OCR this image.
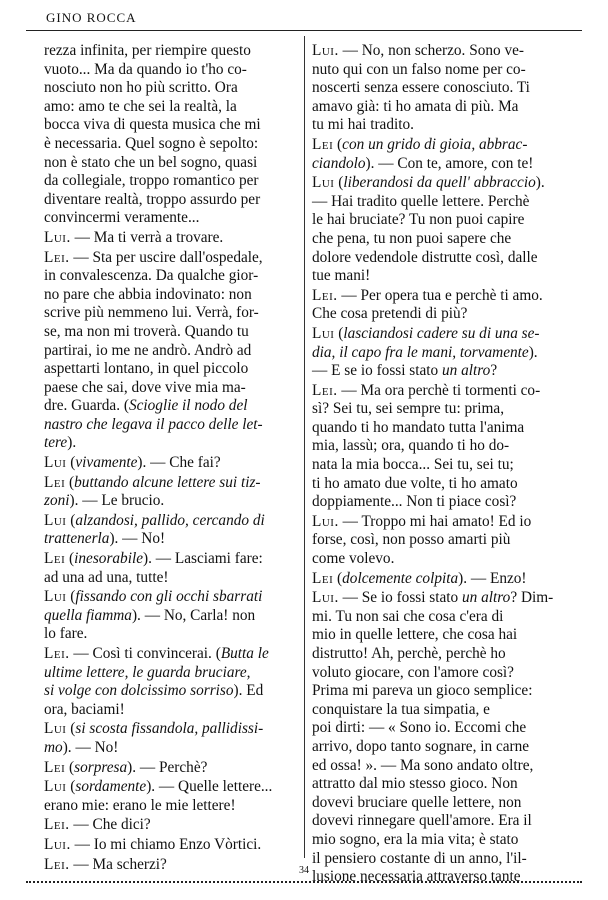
GINO ROCCA
rezza infinita, per riempire questo
vuoto... Ma da quando io t'ho co-
nosciuto non ho più scritto. Ora
amo: amo te che sei la realtà, la
bocca viva di questa musica che mi
è necessaria. Quel sogno è sepolto:
non è stato che un bel sogno, quasi
da collegiale, troppo romantico per
diventare realtà, troppo assurdo per
convincermi veramente...
Lui. — Ma ti verrà a trovare.
Lei. — Sta per uscire dall'ospedale,
in convalescenza. Da qualche gior-
no pare che abbia indovinato: non
scrive più nemmeno lui. Verrà, for-
se, ma non mi troverà. Quando tu
partirai, io me ne andrò. Andrò ad
aspettarti lontano, in quel piccolo
paese che sai, dove vive mia ma-
dre. Guarda. (Scioglie il nodo del
nastro che legava il pacco delle let-
tere).
Lui (vivamente). — Che fai?
Lei (buttando alcune lettere sui tiz-
zoni). — Le brucio.
Lui (alzandosi, pallido, cercando di
trattenerla). — No!
Lei (inesorabile). — Lasciami fare:
ad una ad una, tutte!
Lui (fissando con gli occhi sbarrati
quella fiamma). — No, Carla! non
lo fare.
Lei. — Così ti convincerai. (Butta le
ultime lettere, le guarda bruciare,
si volge con dolcissimo sorriso). Ed
ora, baciami!
Lui (si scosta fissandola, pallidissi-
mo). — No!
Lei (sorpresa). — Perchè?
Lui (sordamente). — Quelle lettere...
erano mie: erano le mie lettere!
Lei. — Che dici?
Lui. — Io mi chiamo Enzo Vòrtici.
Lei. — Ma scherzi?
Lui. — No, non scherzo. Sono ve-
nuto qui con un falso nome per co-
noscerti senza essere conosciuto. Ti
amavo già: ti ho amata di più. Ma
tu mi hai tradito.
Lei (con un grido di gioia, abbrac-
ciandolo). — Con te, amore, con te!
Lui (liberandosi da quell' abbraccio).
— Hai tradito quelle lettere. Perchè
le hai bruciate? Tu non puoi capire
che pena, tu non puoi sapere che
dolore vedendole distrutte così, dalle
tue mani!
Lei. — Per opera tua e perchè ti amo.
Che cosa pretendi di più?
Lui (lasciandosi cadere su di una se-
dia, il capo fra le mani, torvamente).
— E se io fossi stato un altro?
Lei. — Ma ora perchè ti tormenti co-
sì? Sei tu, sei sempre tu: prima,
quando ti ho mandato tutta l'anima
mia, lassù; ora, quando ti ho do-
nata la mia bocca... Sei tu, sei tu;
ti ho amato due volte, ti ho amato
doppiamente... Non ti piace così?
Lui. — Troppo mi hai amato! Ed io
forse, così, non posso amarti più
come volevo.
Lei (dolcemente colpita). — Enzo!
Lui. — Se io fossi stato un altro? Dim-
mi. Tu non sai che cosa c'era di
mio in quelle lettere, che cosa hai
distrutto! Ah, perchè, perchè ho
voluto giocare, con l'amore così?
Prima mi pareva un gioco semplice:
conquistare la tua simpatia, e
poi dirti: — « Sono io. Eccomi che
arrivo, dopo tanto sognare, in carne
ed ossa! ». — Ma sono andato oltre,
attratto dal mio stesso gioco. Non
dovevi bruciare quelle lettere, non
dovevi rinnegare quell'amore. Era il
mio sogno, era la mia vita; è stato
il pensiero costante di un anno, l'il-
lusione necessaria attraverso tante
34
